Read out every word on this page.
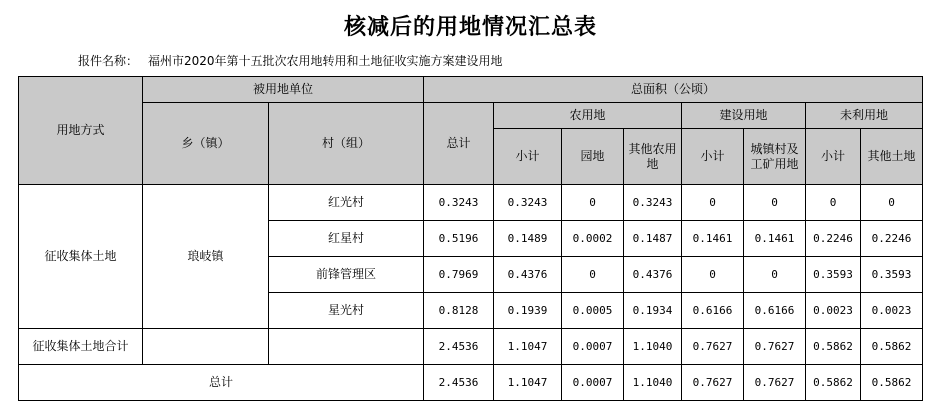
核减后的用地情况汇总表
报件名称： 福州市2020年第十五批次农用地转用和土地征收实施方案建设用地
用地方式	被用地单位		总面积（公顷）							
	乡（镇）	村（组）	总计	农用地			建设用地		未利用地	
				小计	园地	其他农用地	小计	城镇村及工矿用地	小计	其他土地
征收集体土地	琅岐镇	红光村	0.3243	0.3243	0	0.3243	0	0	0	0
		红星村	0.5196	0.1489	0.0002	0.1487	0.1461	0.1461	0.2246	0.2246
		前锋管理区	0.7969	0.4376	0	0.4376	0	0	0.3593	0.3593
		星光村	0.8128	0.1939	0.0005	0.1934	0.6166	0.6166	0.0023	0.0023
征收集体土地合计			2.4536	1.1047	0.0007	1.1040	0.7627	0.7627	0.5862	0.5862
总计			2.4536	1.1047	0.0007	1.1040	0.7627	0.7627	0.5862	0.5862
